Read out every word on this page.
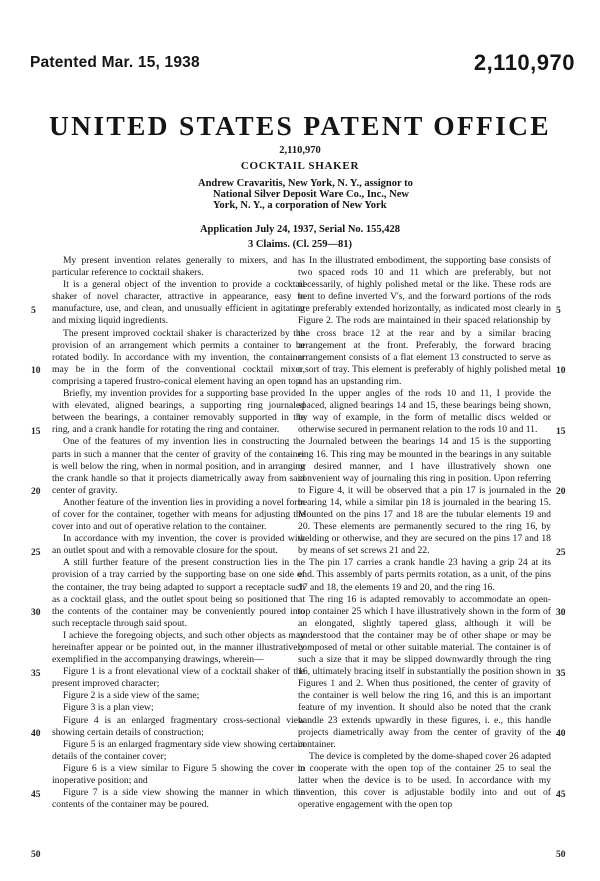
Patented Mar. 15, 1938	2,110,970
UNITED STATES PATENT OFFICE
2,110,970
COCKTAIL SHAKER
Andrew Cravaritis, New York, N. Y., assignor to
National Silver Deposit Ware Co., Inc., New
York, N. Y., a corporation of New York
Application July 24, 1937, Serial No. 155,428
3 Claims. (Cl. 259—81)

My present invention relates generally to mixers, and has particular reference to cocktail shakers.

It is a general object of the invention to provide a cocktail shaker of novel character, attractive in appearance, easy to manufacture, use, and clean, and unusually efficient in agitating and mixing liquid ingredients.

The present improved cocktail shaker is characterized by the provision of an arrangement which permits a container to be rotated bodily. In accordance with my invention, the container may be in the form of the conventional cocktail mixer, comprising a tapered frustro-conical element having an open top.

Briefly, my invention provides for a supporting base provided with elevated, aligned bearings, a supporting ring journaled between the bearings, a container removably supported in the ring, and a crank handle for rotating the ring and container.

One of the features of my invention lies in constructing the parts in such a manner that the center of gravity of the container is well below the ring, when in normal position, and in arranging the crank handle so that it projects diametrically away from said center of gravity.

Another feature of the invention lies in providing a novel form of cover for the container, together with means for adjusting the cover into and out of operative relation to the container.

In accordance with my invention, the cover is provided with an outlet spout and with a removable closure for the spout.

A still further feature of the present construction lies in the provision of a tray carried by the supporting base on one side of the container, the tray being adapted to support a receptacle such as a cocktail glass, and the outlet spout being so positioned that the contents of the container may be conveniently poured into such receptacle through said spout.

I achieve the foregoing objects, and such other objects as may hereinafter appear or be pointed out, in the manner illustratively exemplified in the accompanying drawings, wherein—

Figure 1 is a front elevational view of a cocktail shaker of the present improved character;

Figure 2 is a side view of the same;

Figure 3 is a plan view;

Figure 4 is an enlarged fragmentary cross-sectional view showing certain details of construction;

Figure 5 is an enlarged fragmentary side view showing certain details of the container cover;

Figure 6 is a view similar to Figure 5 showing the cover in inoperative position; and

Figure 7 is a side view showing the manner in which the contents of the container may be poured.

In the illustrated embodiment, the supporting base consists of two spaced rods 10 and 11 which are preferably, but not necessarily, of highly polished metal or the like. These rods are bent to define inverted V's, and the forward portions of the rods are preferably extended horizontally, as indicated most clearly in Figure 2. The rods are maintained in their spaced relationship by the cross brace 12 at the rear and by a similar bracing arrangement at the front. Preferably, the forward bracing arrangement consists of a flat element 13 constructed to serve as a sort of tray. This element is preferably of highly polished metal and has an upstanding rim.

In the upper angles of the rods 10 and 11, I provide the spaced, aligned bearings 14 and 15, these bearings being shown, by way of example, in the form of metallic discs welded or otherwise secured in permanent relation to the rods 10 and 11.

Journaled between the bearings 14 and 15 is the supporting ring 16. This ring may be mounted in the bearings in any suitable or desired manner, and I have illustratively shown one convenient way of journaling this ring in position. Upon referring to Figure 4, it will be observed that a pin 17 is journaled in the bearing 14, while a similar pin 18 is journaled in the bearing 15. Mounted on the pins 17 and 18 are the tubular elements 19 and 20. These elements are permanently secured to the ring 16, by welding or otherwise, and they are secured on the pins 17 and 18 by means of set screws 21 and 22.

The pin 17 carries a crank handle 23 having a grip 24 at its end. This assembly of parts permits rotation, as a unit, of the pins 17 and 18, the elements 19 and 20, and the ring 16.

The ring 16 is adapted removably to accommodate an open-top container 25 which I have illustratively shown in the form of an elongated, slightly tapered glass, although it will be understood that the container may be of other shape or may be composed of metal or other suitable material. The container is of such a size that it may be slipped downwardly through the ring 16, ultimately bracing itself in substantially the position shown in Figures 1 and 2. When thus positioned, the center of gravity of the container is well below the ring 16, and this is an important feature of my invention. It should also be noted that the crank handle 23 extends upwardly in these figures, i. e., this handle projects diametrically away from the center of gravity of the container.

The device is completed by the dome-shaped cover 26 adapted to cooperate with the open top of the container 25 to seal the latter when the device is to be used. In accordance with my invention, this cover is adjustable bodily into and out of operative engagement with the open top

5
10
15
20
25
30
35
40
45
50
5
10
15
20
25
30
35
40
45
50
